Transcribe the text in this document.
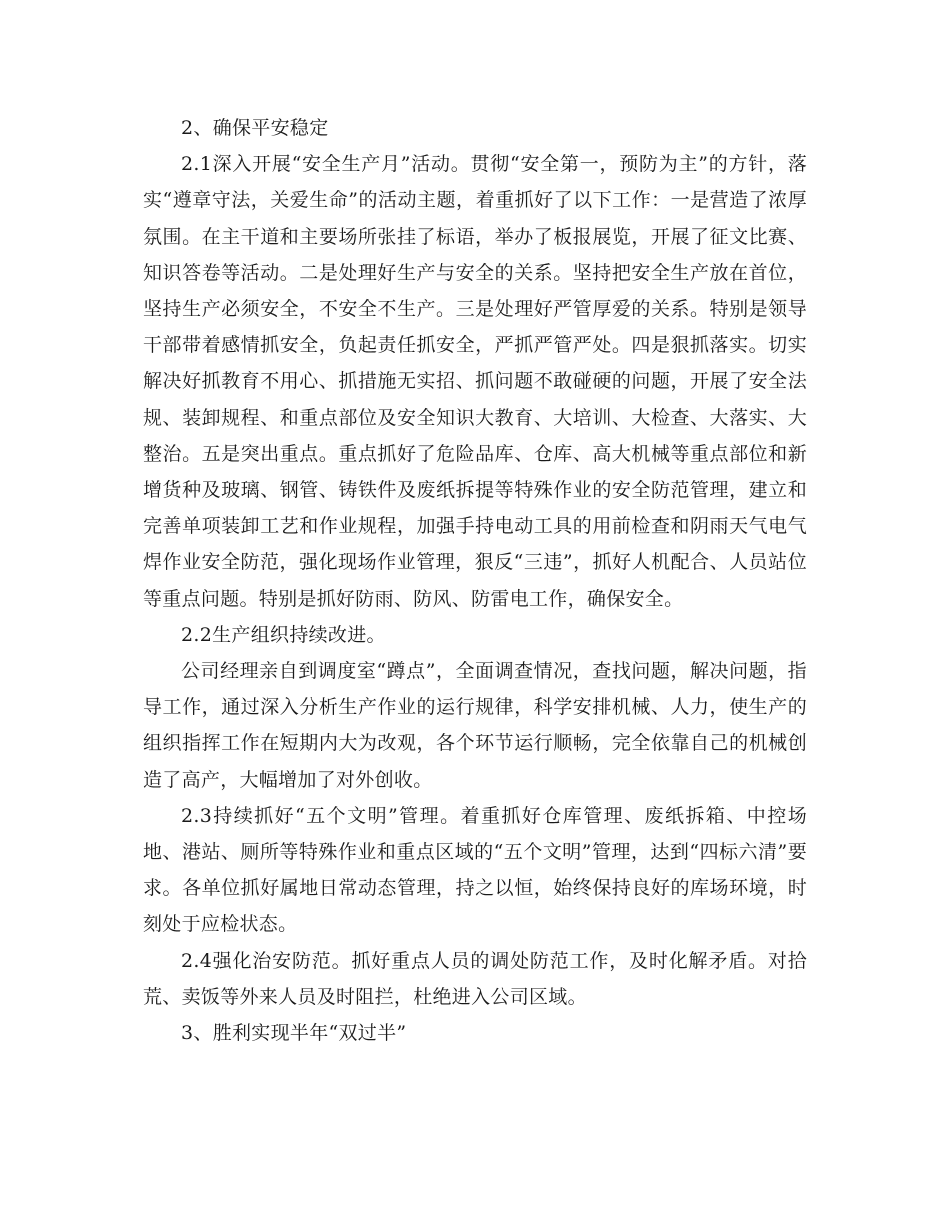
2、确保平安稳定

2.1深入开展“安全生产月”活动。贯彻“安全第一，预防为主”的方针，落实“遵章守法，关爱生命”的活动主题，着重抓好了以下工作：一是营造了浓厚氛围。在主干道和主要场所张挂了标语，举办了板报展览，开展了征文比赛、知识答卷等活动。二是处理好生产与安全的关系。坚持把安全生产放在首位，坚持生产必须安全，不安全不生产。三是处理好严管厚爱的关系。特别是领导干部带着感情抓安全，负起责任抓安全，严抓严管严处。四是狠抓落实。切实解决好抓教育不用心、抓措施无实招、抓问题不敢碰硬的问题，开展了安全法规、装卸规程、和重点部位及安全知识大教育、大培训、大检查、大落实、大整治。五是突出重点。重点抓好了危险品库、仓库、高大机械等重点部位和新增货种及玻璃、钢管、铸铁件及废纸拆提等特殊作业的安全防范管理，建立和完善单项装卸工艺和作业规程，加强手持电动工具的用前检查和阴雨天气电气焊作业安全防范，强化现场作业管理，狠反“三违”，抓好人机配合、人员站位等重点问题。特别是抓好防雨、防风、防雷电工作，确保安全。

2.2生产组织持续改进。

公司经理亲自到调度室“蹲点”，全面调查情况，查找问题，解决问题，指导工作，通过深入分析生产作业的运行规律，科学安排机械、人力，使生产的组织指挥工作在短期内大为改观，各个环节运行顺畅，完全依靠自己的机械创造了高产，大幅增加了对外创收。

2.3持续抓好“五个文明”管理。着重抓好仓库管理、废纸拆箱、中控场地、港站、厕所等特殊作业和重点区域的“五个文明”管理，达到“四标六清”要求。各单位抓好属地日常动态管理，持之以恒，始终保持良好的库场环境，时刻处于应检状态。

2.4强化治安防范。抓好重点人员的调处防范工作，及时化解矛盾。对拾荒、卖饭等外来人员及时阻拦，杜绝进入公司区域。

3、胜利实现半年“双过半”
